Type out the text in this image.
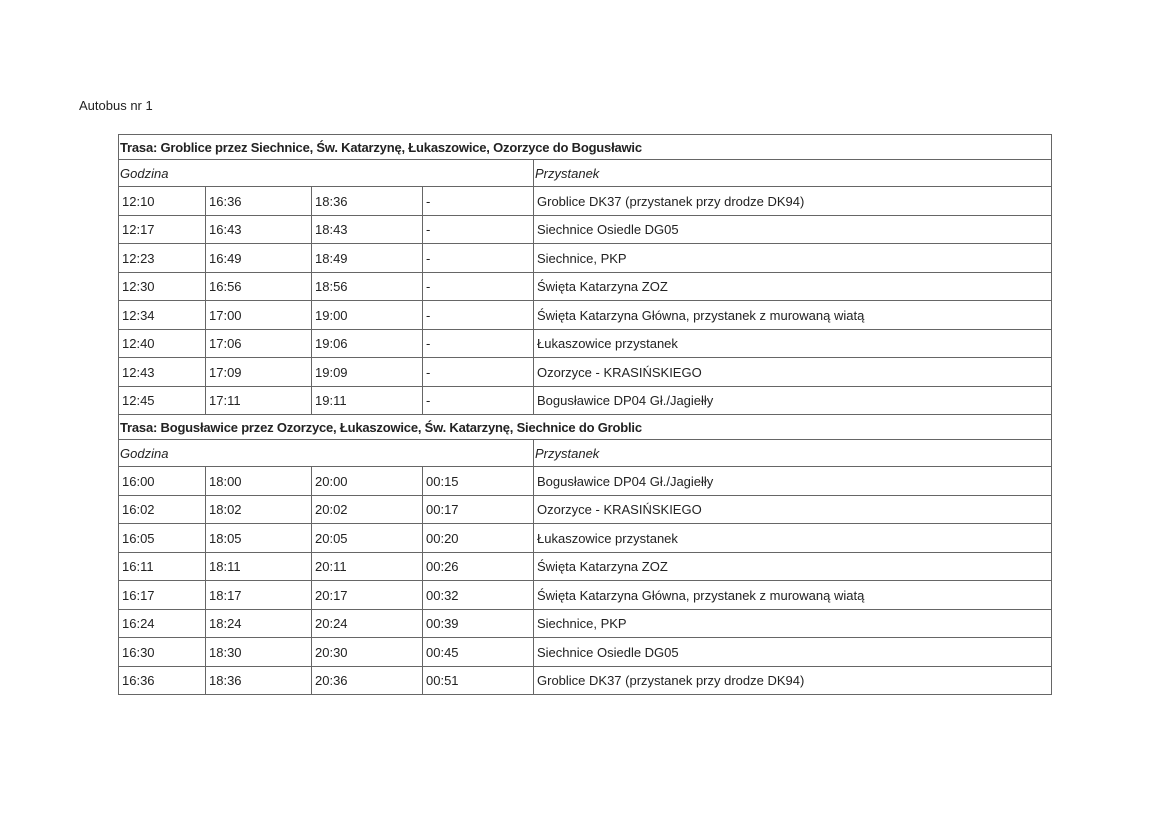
Autobus nr 1
Trasa: Groblice przez Siechnice, Św. Katarzynę, Łukaszowice, Ozorzyce do Bogusławic				
Godzina				Przystanek
12:10	16:36	18:36	-	Groblice DK37 (przystanek przy drodze DK94)
12:17	16:43	18:43	-	Siechnice Osiedle DG05
12:23	16:49	18:49	-	Siechnice, PKP
12:30	16:56	18:56	-	Święta Katarzyna ZOZ
12:34	17:00	19:00	-	Święta Katarzyna Główna, przystanek z murowaną wiatą
12:40	17:06	19:06	-	Łukaszowice przystanek
12:43	17:09	19:09	-	Ozorzyce - KRASIŃSKIEGO
12:45	17:11	19:11	-	Bogusławice DP04 Gł./Jagiełły
Trasa: Bogusławice przez Ozorzyce, Łukaszowice, Św. Katarzynę, Siechnice do Groblic				
Godzina				Przystanek
16:00	18:00	20:00	00:15	Bogusławice DP04 Gł./Jagiełły
16:02	18:02	20:02	00:17	Ozorzyce - KRASIŃSKIEGO
16:05	18:05	20:05	00:20	Łukaszowice przystanek
16:11	18:11	20:11	00:26	Święta Katarzyna ZOZ
16:17	18:17	20:17	00:32	Święta Katarzyna Główna, przystanek z murowaną wiatą
16:24	18:24	20:24	00:39	Siechnice, PKP
16:30	18:30	20:30	00:45	Siechnice Osiedle DG05
16:36	18:36	20:36	00:51	Groblice DK37 (przystanek przy drodze DK94)
